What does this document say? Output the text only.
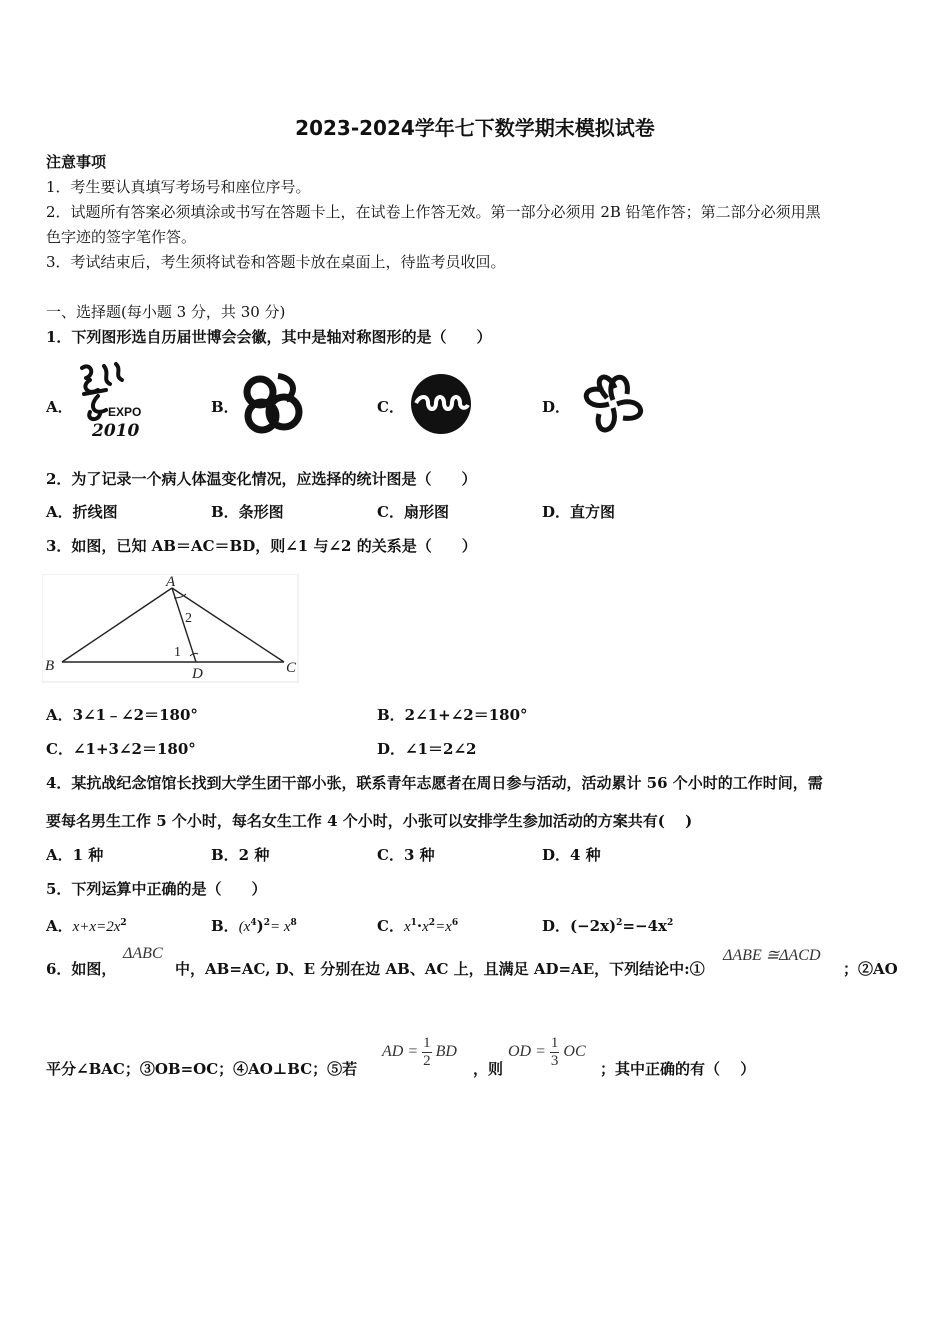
2023-2024学年七下数学期末模拟试卷
注意事项
1．考生要认真填写考场号和座位序号。
2．试题所有答案必须填涂或书写在答题卡上，在试卷上作答无效。第一部分必须用 2B 铅笔作答；第二部分必须用黑
色字迹的签字笔作答。
3．考试结束后，考生须将试卷和答题卡放在桌面上，待监考员收回。
一、选择题(每小题 3 分，共 30 分)
1．下列图形选自历届世博会会徽，其中是轴对称图形的是（　　）
A．	B．	C．	D．
EXPO
2010
2．为了记录一个病人体温变化情况，应选择的统计图是（　　）
A．折线图	B．条形图	C．扇形图	D．直方图
3．如图，已知 AB＝AC＝BD，则∠1 与∠2 的关系是（　　）
A
B	C
D
1
2
A．3∠1﹣∠2＝180°	B．2∠1+∠2＝180°
C．∠1+3∠2＝180°	D．∠1＝2∠2
4．某抗战纪念馆馆长找到大学生团干部小张，联系青年志愿者在周日参与活动，活动累计 56 个小时的工作时间，需
要每名男生工作 5 个小时，每名女生工作 4 个小时，小张可以安排学生参加活动的方案共有(　 )
A．1 种	B．2 种	C．3 种	D．4 种
5．下列运算中正确的是（　　）
A．$x+x=2x^2$	B．$(x^4)^2= x^8$	C．$x^1\cdot x^2=x^6$	D．$(-2x)^2=-4x^2$
6．如图，
ΔABC
中，AB=AC, D、E 分别在边 AB、AC 上，且满足 AD=AE，下列结论中:①
ΔABE ≅ΔACD
；②AO
平分∠BAC；③OB=OC；④AO⊥BC；⑤若
AD = $\frac{1}{2}$ BD
，则
OD = $\frac{1}{3}$ OC
；其中正确的有（　 ）
